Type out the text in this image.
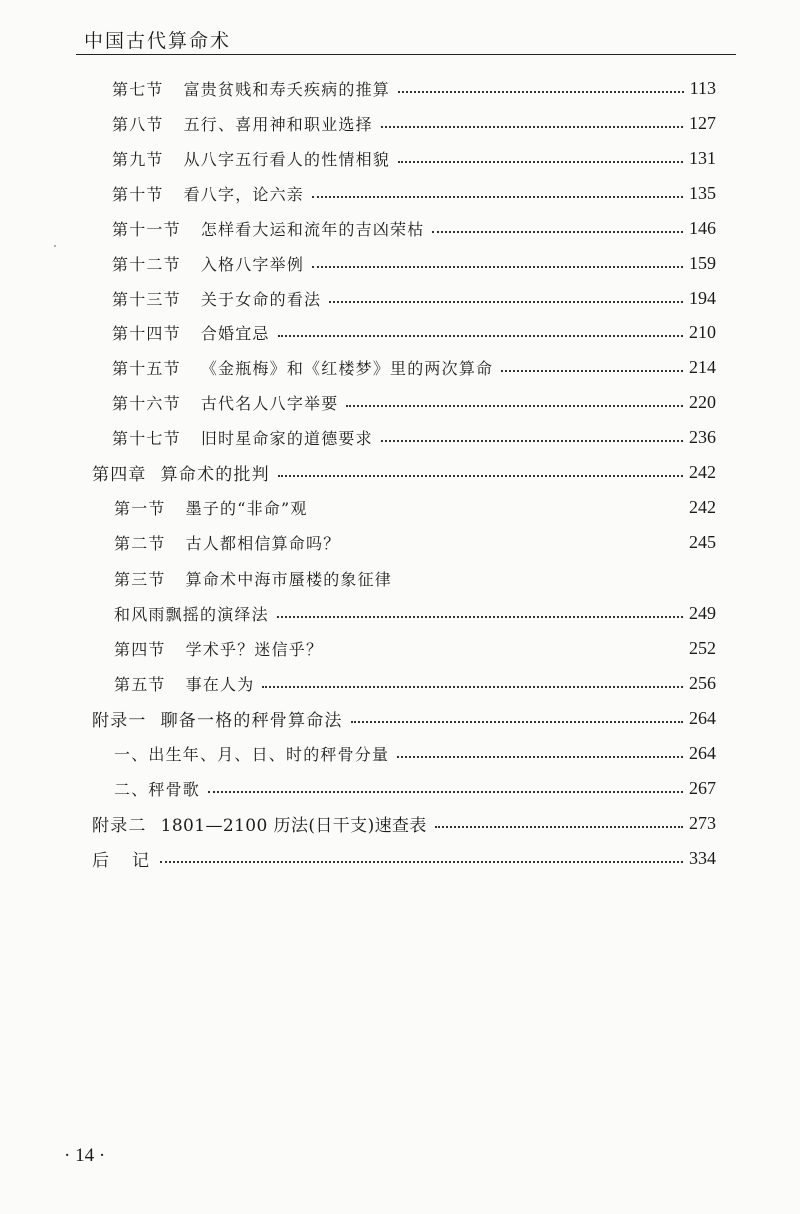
中国古代算命术
第七节 富贵贫贱和寿夭疾病的推算	113
第八节 五行、喜用神和职业选择	127
第九节 从八字五行看人的性情相貌	131
第十节 看八字，论六亲	135
第十一节 怎样看大运和流年的吉凶荣枯	146
第十二节 入格八字举例	159
第十三节 关于女命的看法	194
第十四节 合婚宜忌	210
第十五节 《金瓶梅》和《红楼梦》里的两次算命	214
第十六节 古代名人八字举要	220
第十七节 旧时星命家的道德要求	236
第四章 算命术的批判	242
第一节 墨子的“非命”观	242
第二节 古人都相信算命吗？	245
第三节 算命术中海市蜃楼的象征律
和风雨飘摇的演绎法	249
第四节 学术乎？迷信乎？	252
第五节 事在人为	256
附录一 聊备一格的秤骨算命法	264
一、出生年、月、日、时的秤骨分量	264
二、秤骨歌	267
附录二 1801—2100 历法(日干支)速查表	273
后　记	334
· 14 ·
